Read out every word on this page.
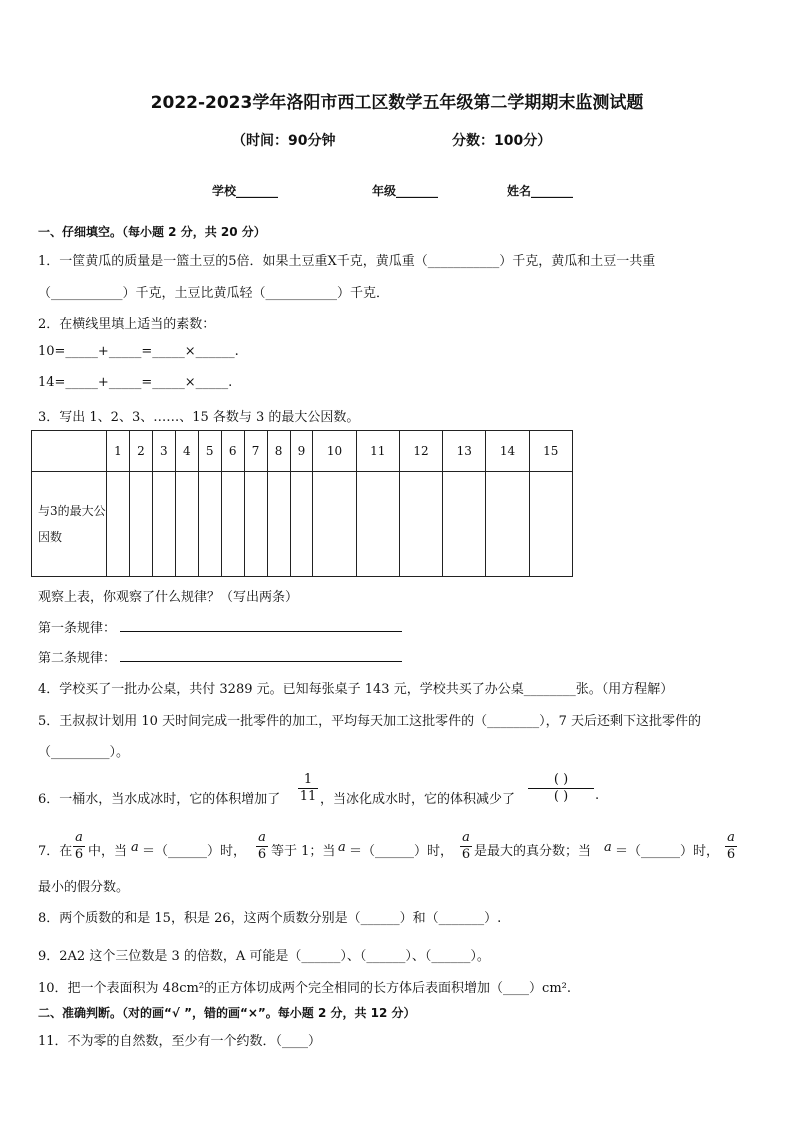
2022-2023学年洛阳市西工区数学五年级第二学期期末监测试题
（时间：90分钟	分数：100分）
学校_______	年级_______	姓名_______
一、仔细填空。（每小题 2 分，共 20 分）
1．一筐黄瓜的质量是一篮土豆的5倍．如果土豆重X千克，黄瓜重（___________）千克，黄瓜和土豆一共重
（___________）千克，土豆比黄瓜轻（___________）千克．
2．在横线里填上适当的素数：
10=_____+_____=_____×______.
14=_____+_____=_____×_____.
3．写出 1、2、3、……、15 各数与 3 的最大公因数。
	1	2	3	4	5	6	7	8	9	10	11	12	13	14	15
与3的最大公因数															
观察上表，你观察了什么规律？（写出两条）
第一条规律：
第二条规律：
4．学校买了一批办公桌，共付 3289 元。已知每张桌子 143 元，学校共买了办公桌________张。（用方程解）
5．王叔叔计划用 10 天时间完成一批零件的加工，平均每天加工这批零件的（________），7 天后还剩下这批零件的
（_________）。
6．一桶水，当水成冰时，它的体积增加了
1
11 ，当冰化成水时，它的体积减少了
( )
( )	.
7．在
a
6 中，当 a ＝（______）时，
a
6 等于 1；当 a ＝（______）时，
a
6 是最大的真分数；当 a ＝（______）时，
a
6
最小的假分数。
8．两个质数的和是 15，积是 26，这两个质数分别是（______）和（_______）.
9．2A2 这个三位数是 3 的倍数，A 可能是（______）、（______）、（______）。
10．把一个表面积为 48cm²的正方体切成两个完全相同的长方体后表面积增加（____）cm².
二、准确判断。（对的画“√ ”，错的画“×”。每小题 2 分，共 12 分）
11．不为零的自然数，至少有一个约数．（____）
